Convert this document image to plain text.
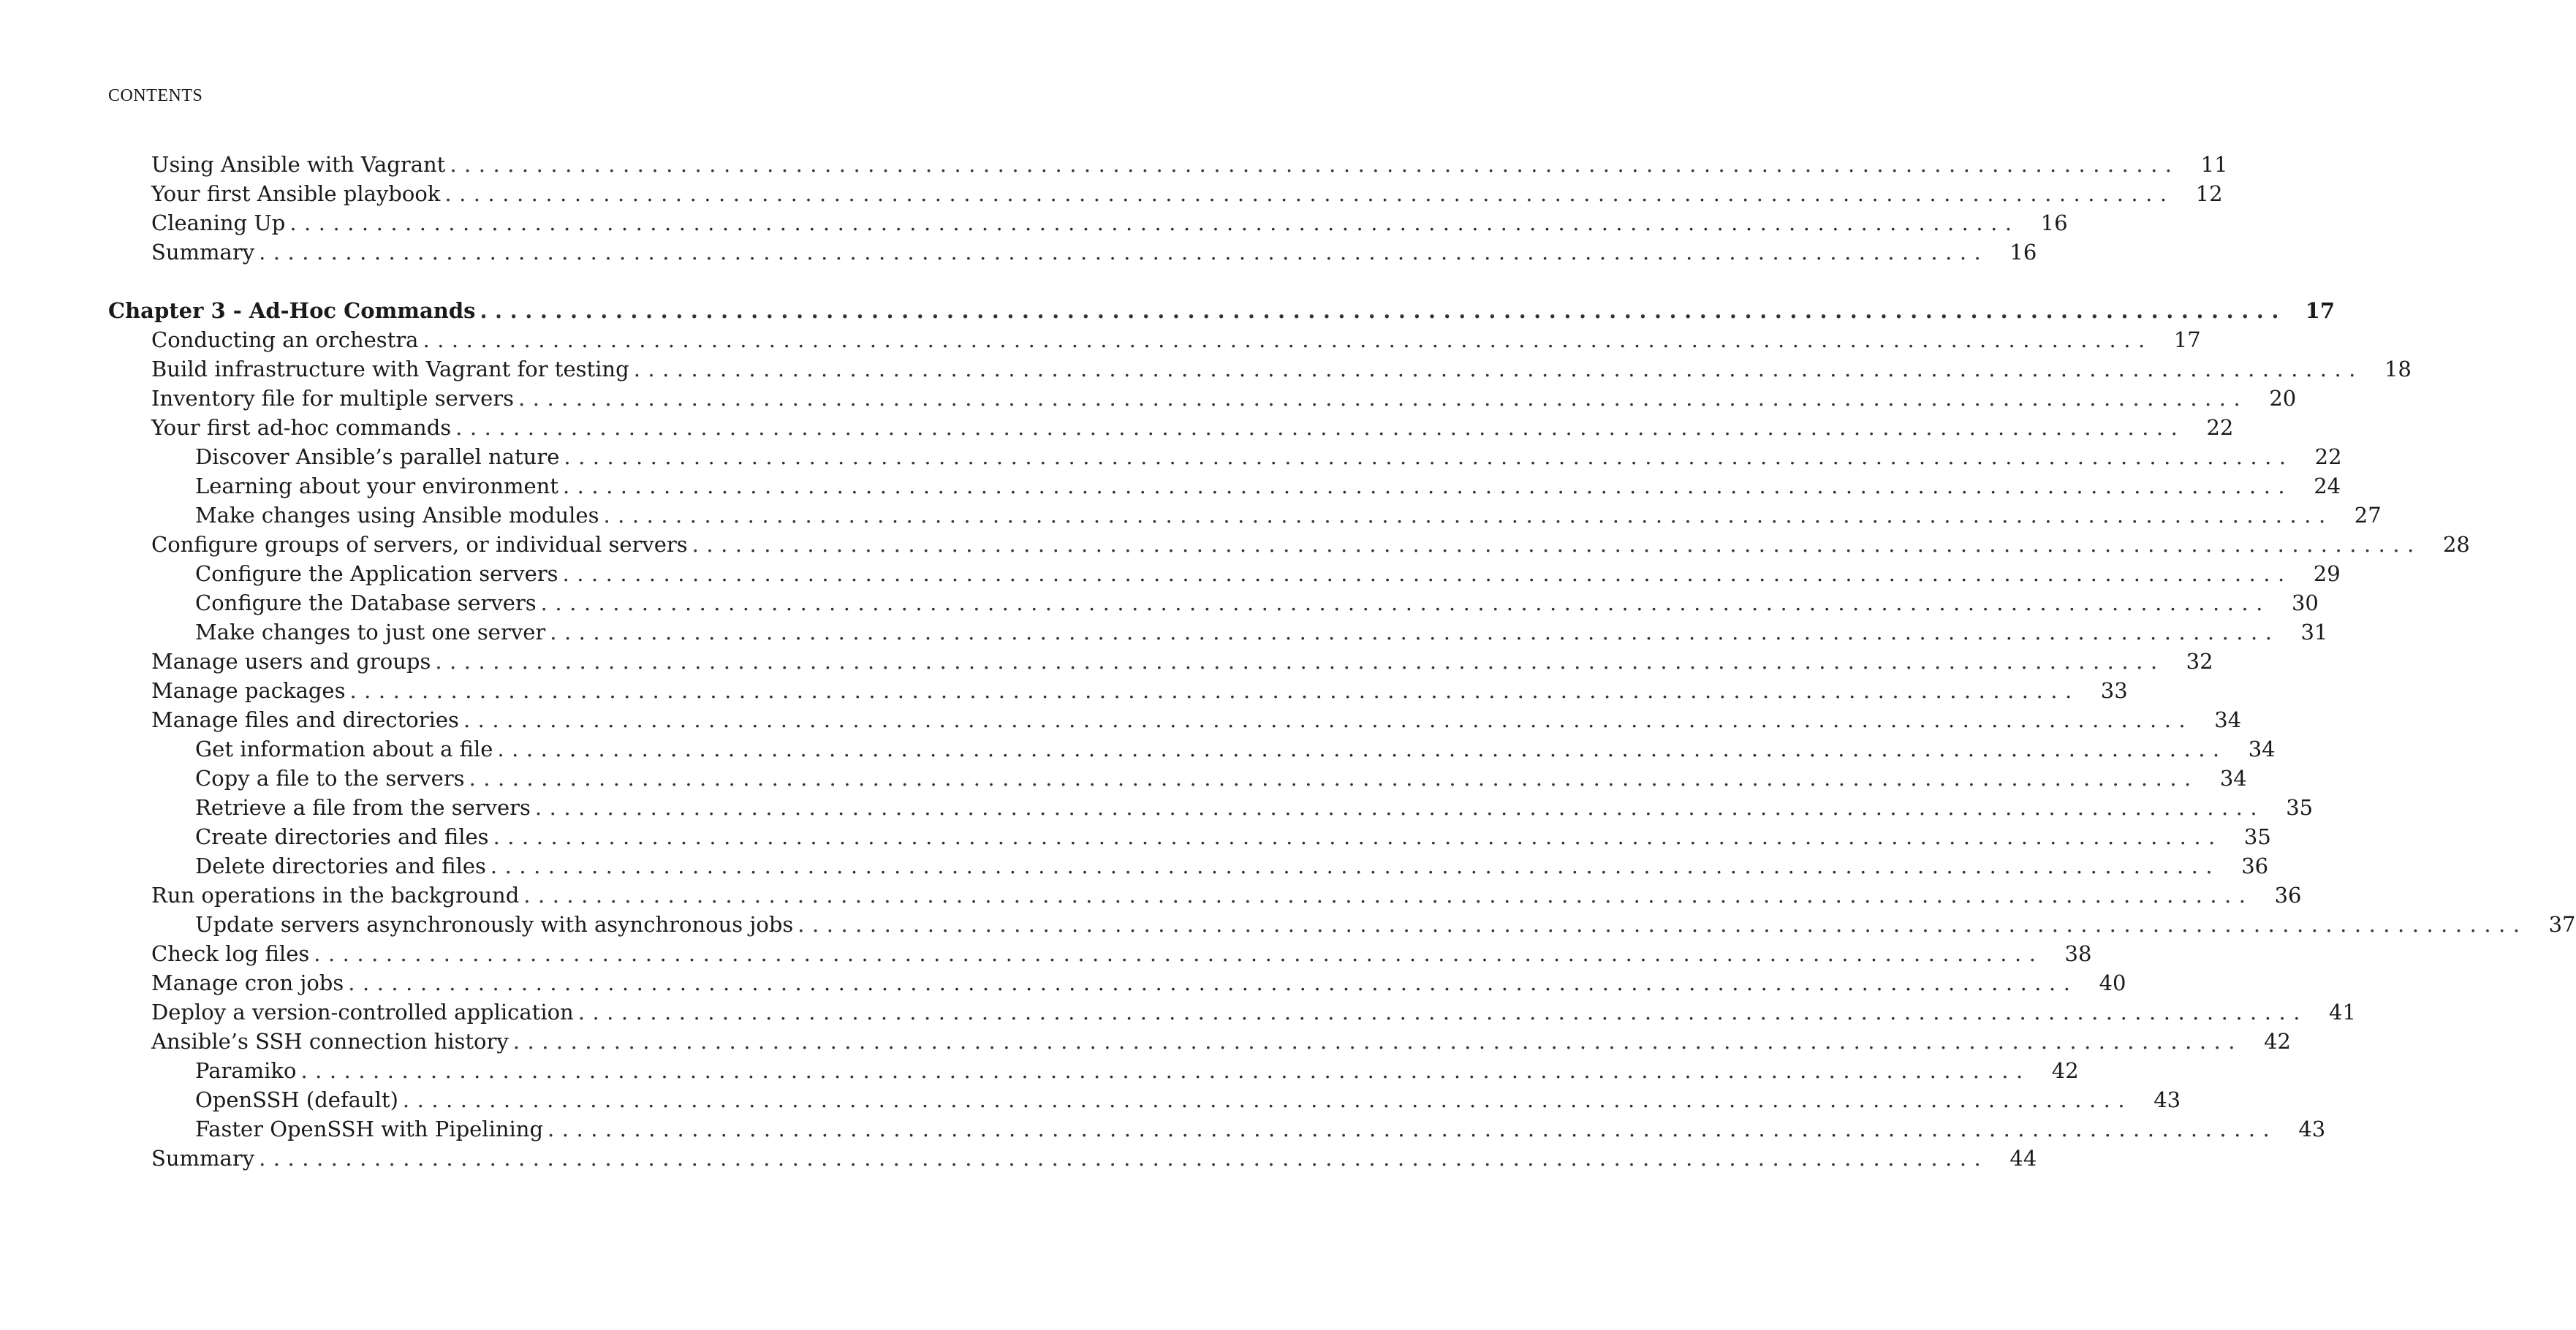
CONTENTS
Using Ansible with Vagrant ........................................................................................................................	11
Your first Ansible playbook ........................................................................................................................	12
Cleaning Up ........................................................................................................................	16
Summary ........................................................................................................................	16
Chapter 3 - Ad-Hoc Commands ........................................................................................................................ 17
Conducting an orchestra ........................................................................................................................	17
Build infrastructure with Vagrant for testing ........................................................................................................................	18
Inventory file for multiple servers ........................................................................................................................	20
Your first ad-hoc commands ........................................................................................................................	22
Discover Ansible’s parallel nature ........................................................................................................................	22
Learning about your environment ........................................................................................................................	24
Make changes using Ansible modules ........................................................................................................................	27
Configure groups of servers, or individual servers ........................................................................................................................	28
Configure the Application servers ........................................................................................................................	29
Configure the Database servers ........................................................................................................................	30
Make changes to just one server ........................................................................................................................	31
Manage users and groups ........................................................................................................................	32
Manage packages ........................................................................................................................	33
Manage files and directories ........................................................................................................................	34
Get information about a file ........................................................................................................................	34
Copy a file to the servers ........................................................................................................................	34
Retrieve a file from the servers ........................................................................................................................	35
Create directories and files ........................................................................................................................	35
Delete directories and files ........................................................................................................................	36
Run operations in the background ........................................................................................................................	36
Update servers asynchronously with asynchronous jobs ........................................................................................................................	37
Check log files ........................................................................................................................	38
Manage cron jobs ........................................................................................................................	40
Deploy a version-controlled application ........................................................................................................................	41
Ansible’s SSH connection history ........................................................................................................................	42
Paramiko ........................................................................................................................	42
OpenSSH (default) ........................................................................................................................	43
Faster OpenSSH with Pipelining ........................................................................................................................	43
Summary ........................................................................................................................	44
